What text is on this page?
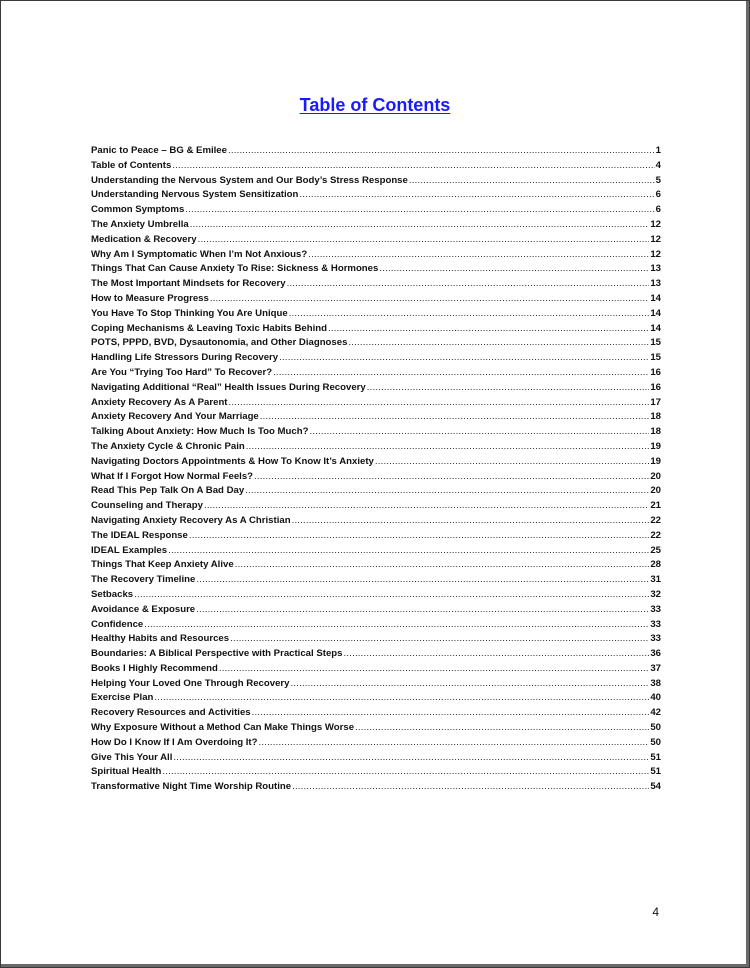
Table of Contents
Panic to Peace – BG & Emilee .....	1
Table of Contents .....	4
Understanding the Nervous System and Our Body’s Stress Response .....	5
Understanding Nervous System Sensitization .....	6
Common Symptoms .....	6
The Anxiety Umbrella .....	12
Medication & Recovery .....	12
Why Am I Symptomatic When I’m Not Anxious? .....	12
Things That Can Cause Anxiety To Rise: Sickness & Hormones .....	13
The Most Important Mindsets for Recovery .....	13
How to Measure Progress .....	14
You Have To Stop Thinking You Are Unique .....	14
Coping Mechanisms & Leaving Toxic Habits Behind .....	14
POTS, PPPD, BVD, Dysautonomia, and Other Diagnoses .....	15
Handling Life Stressors During Recovery .....	15
Are You “Trying Too Hard” To Recover? .....	16
Navigating Additional “Real” Health Issues During Recovery .....	16
Anxiety Recovery As A Parent .....	17
Anxiety Recovery And Your Marriage .....	18
Talking About Anxiety: How Much Is Too Much? .....	18
The Anxiety Cycle & Chronic Pain .....	19
Navigating Doctors Appointments & How To Know It’s Anxiety .....	19
What If I Forgot How Normal Feels? .....	20
Read This Pep Talk On A Bad Day .....	20
Counseling and Therapy .....	21
Navigating Anxiety Recovery As A Christian .....	22
The IDEAL Response .....	22
IDEAL Examples .....	25
Things That Keep Anxiety Alive .....	28
The Recovery Timeline .....	31
Setbacks .....	32
Avoidance & Exposure .....	33
Confidence .....	33
Healthy Habits and Resources .....	33
Boundaries: A Biblical Perspective with Practical Steps .....	36
Books I Highly Recommend .....	37
Helping Your Loved One Through Recovery .....	38
Exercise Plan .....	40
Recovery Resources and Activities .....	42
Why Exposure Without a Method Can Make Things Worse .....	50
How Do I Know If I Am Overdoing It? .....	50
Give This Your All .....	51
Spiritual Health .....	51
Transformative Night Time Worship Routine .....	54
4
